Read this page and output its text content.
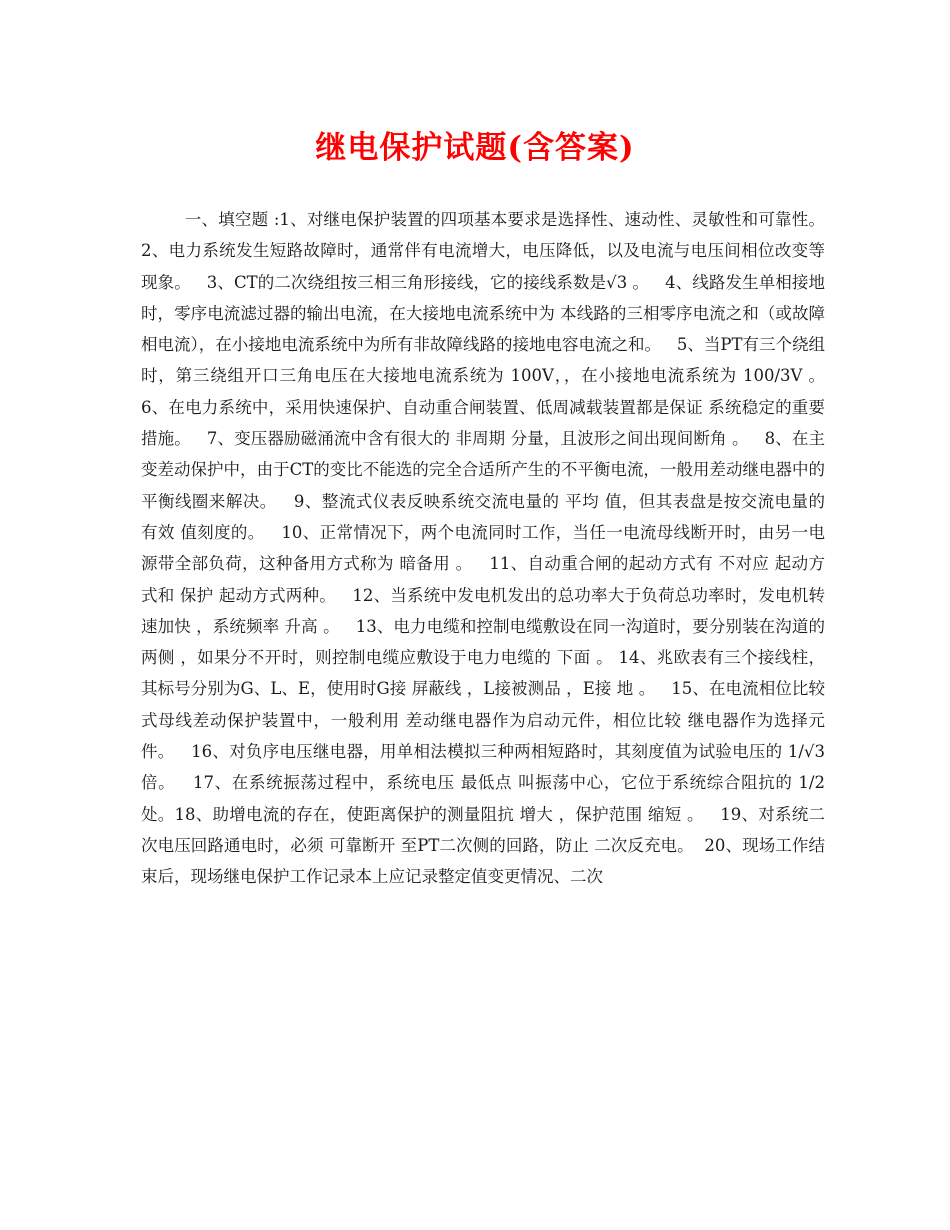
继电保护试题(含答案)
一、填空题 :1、对继电保护装置的四项基本要求是选择性、速动性、灵敏性和可靠性。   2、电力系统发生短路故障时，通常伴有电流增大，电压降低，以及电流与电压间相位改变等现象。   3、CT的二次绕组按三相三角形接线，它的接线系数是√3 。   4、线路发生单相接地时，零序电流滤过器的输出电流，在大接地电流系统中为 本线路的三相零序电流之和（或故障相电流），在小接地电流系统中为所有非故障线路的接地电容电流之和。   5、当PT有三个绕组时，第三绕组开口三角电压在大接地电流系统为 100V，，在小接地电流系统为 100/3V 。   6、在电力系统中，采用快速保护、自动重合闸装置、低周减载装置都是保证 系统稳定的重要措施。   7、变压器励磁涌流中含有很大的 非周期 分量，且波形之间出现间断角 。   8、在主变差动保护中，由于CT的变比不能选的完全合适所产生的不平衡电流，一般用差动继电器中的平衡线圈来解决。   9、整流式仪表反映系统交流电量的 平均 值，但其表盘是按交流电量的 有效 值刻度的。   10、正常情况下，两个电流同时工作，当任一电流母线断开时，由另一电源带全部负荷，这种备用方式称为 暗备用 。   11、自动重合闸的起动方式有 不对应 起动方式和 保护 起动方式两种。   12、当系统中发电机发出的总功率大于负荷总功率时，发电机转速加快 ，系统频率 升高 。   13、电力电缆和控制电缆敷设在同一沟道时，要分别装在沟道的两侧 ，如果分不开时，则控制电缆应敷设于电力电缆的 下面 。 14、兆欧表有三个接线柱，其标号分别为G、L、E，使用时G接 屏蔽线 ，L接被测品 ，E接 地 。   15、在电流相位比较式母线差动保护装置中，一般利用 差动继电器作为启动元件，相位比较 继电器作为选择元件。   16、对负序电压继电器，用单相法模拟三种两相短路时，其刻度值为试验电压的 1/√3 倍。   17、在系统振荡过程中，系统电压 最低点 叫振荡中心，它位于系统综合阻抗的 1/2 处。18、助增电流的存在，使距离保护的测量阻抗 增大 ，保护范围 缩短 。   19、对系统二次电压回路通电时，必须 可靠断开 至PT二次侧的回路，防止 二次反充电。  20、现场工作结束后，现场继电保护工作记录本上应记录整定值变更情况、二次
